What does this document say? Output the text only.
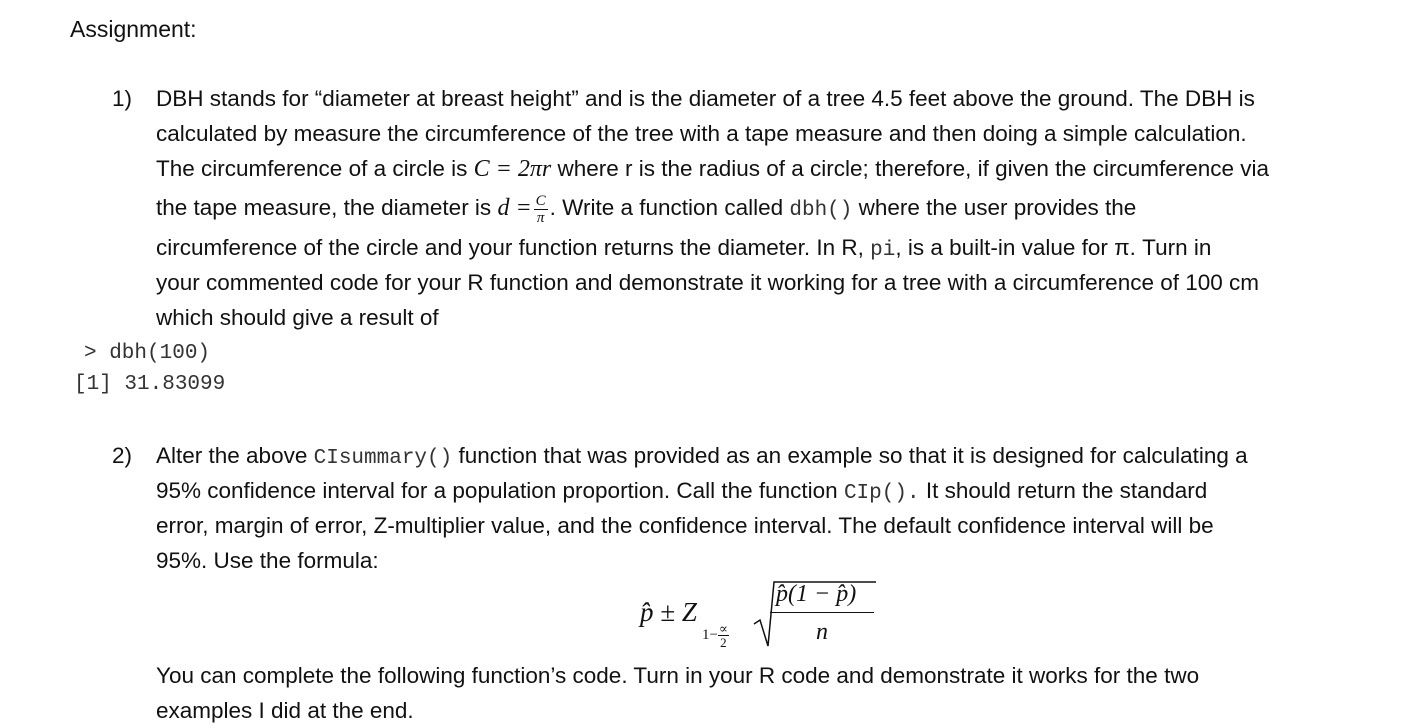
Assignment:
1) DBH stands for “diameter at breast height” and is the diameter of a tree 4.5 feet above the ground. The DBH is
calculated by measure the circumference of the tree with a tape measure and then doing a simple calculation.
The circumference of a circle is C = 2πr where r is the radius of a circle; therefore, if given the circumference via
the tape measure, the diameter is $d = \frac{C}{\pi}$ . Write a function called dbh() where the user provides the
circumference of the circle and your function returns the diameter. In R, pi, is a built-in value for π. Turn in
your commented code for your R function and demonstrate it working for a tree with a circumference of 100 cm
which should give a result of
> dbh(100)
[1] 31.83099
2) Alter the above CIsummary() function that was provided as an example so that it is designed for calculating a
95% confidence interval for a population proportion. Call the function CIp(). It should return the standard
error, margin of error, Z-multiplier value, and the confidence interval. The default confidence interval will be
95%. Use the formula:
p̂ ± Z
1− ∝
2
p̂(1 − p̂)
n
You can complete the following function’s code. Turn in your R code and demonstrate it works for the two
examples I did at the end.
